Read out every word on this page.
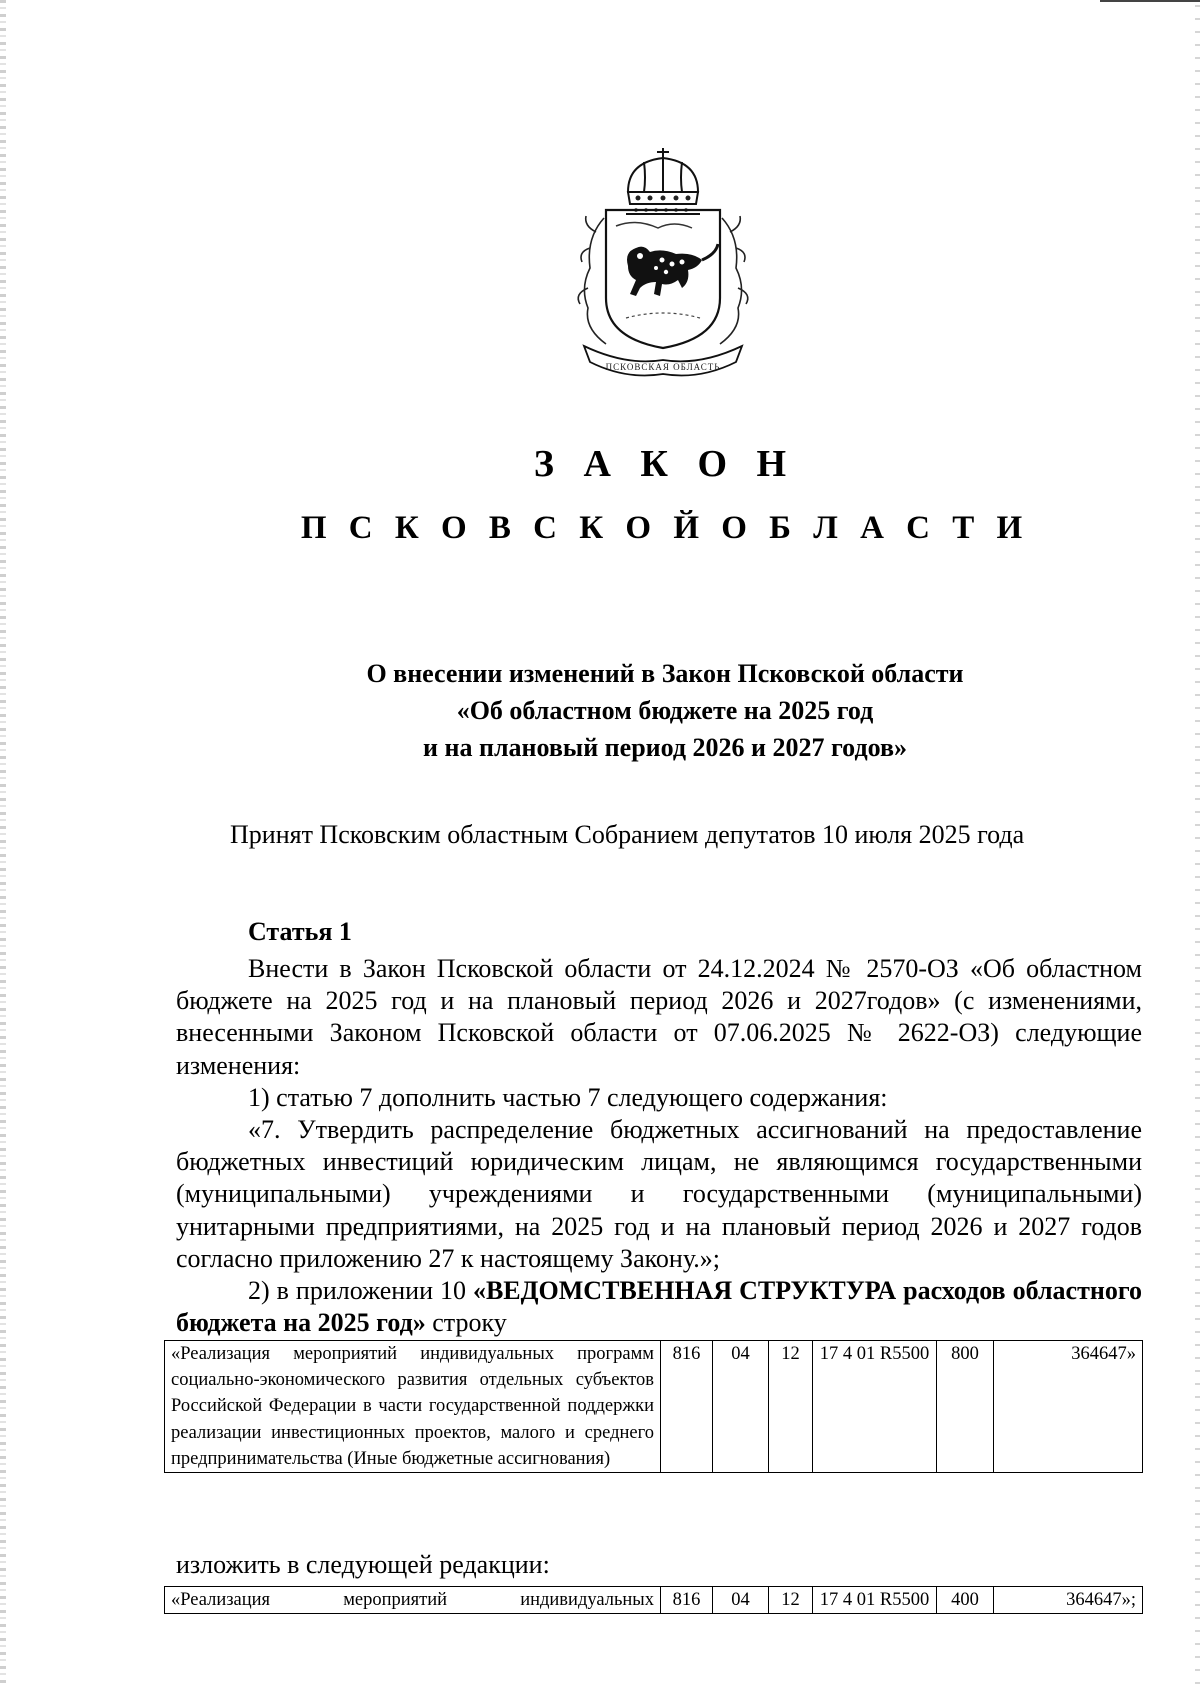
ПСКОВСКАЯ ОБЛАСТЬ
З А К О Н
П С К О В С К О Й О Б Л А С Т И
О внесении изменений в Закон Псковской области
«Об областном бюджете на 2025 год
и на плановый период 2026 и 2027 годов»
Принят Псковским областным Собранием депутатов 10 июля 2025 года
Статья 1

Внести в Закон Псковской области от 24.12.2024 № 2570-ОЗ «Об областном бюджете на 2025 год и на плановый период 2026 и 2027годов» (с изменениями, внесенными Законом Псковской области от 07.06.2025 № 2622-ОЗ) следующие изменения:

1) статью 7 дополнить частью 7 следующего содержания:

«7. Утвердить распределение бюджетных ассигнований на предоставление бюджетных инвестиций юридическим лицам, не являющимся государственными (муниципальными) учреждениями и государственными (муниципальными) унитарными предприятиями, на 2025 год и на плановый период 2026 и 2027 годов согласно приложению 27 к настоящему Закону.»;

2) в приложении 10 «ВЕДОМСТВЕННАЯ СТРУКТУРА расходов областного бюджета на 2025 год» строку

«Реализация мероприятий индивидуальных программ социально-экономического развития отдельных субъектов Российской Федерации в части государственной поддержки реализации инвестиционных проектов, малого и среднего предпринимательства (Иные бюджетные ассигнования)	816	04	12	17 4 01 R5500	800	364647»
изложить в следующей редакции:
«Реализация мероприятий индивидуальных	816	04	12	17 4 01 R5500	400	364647»;
